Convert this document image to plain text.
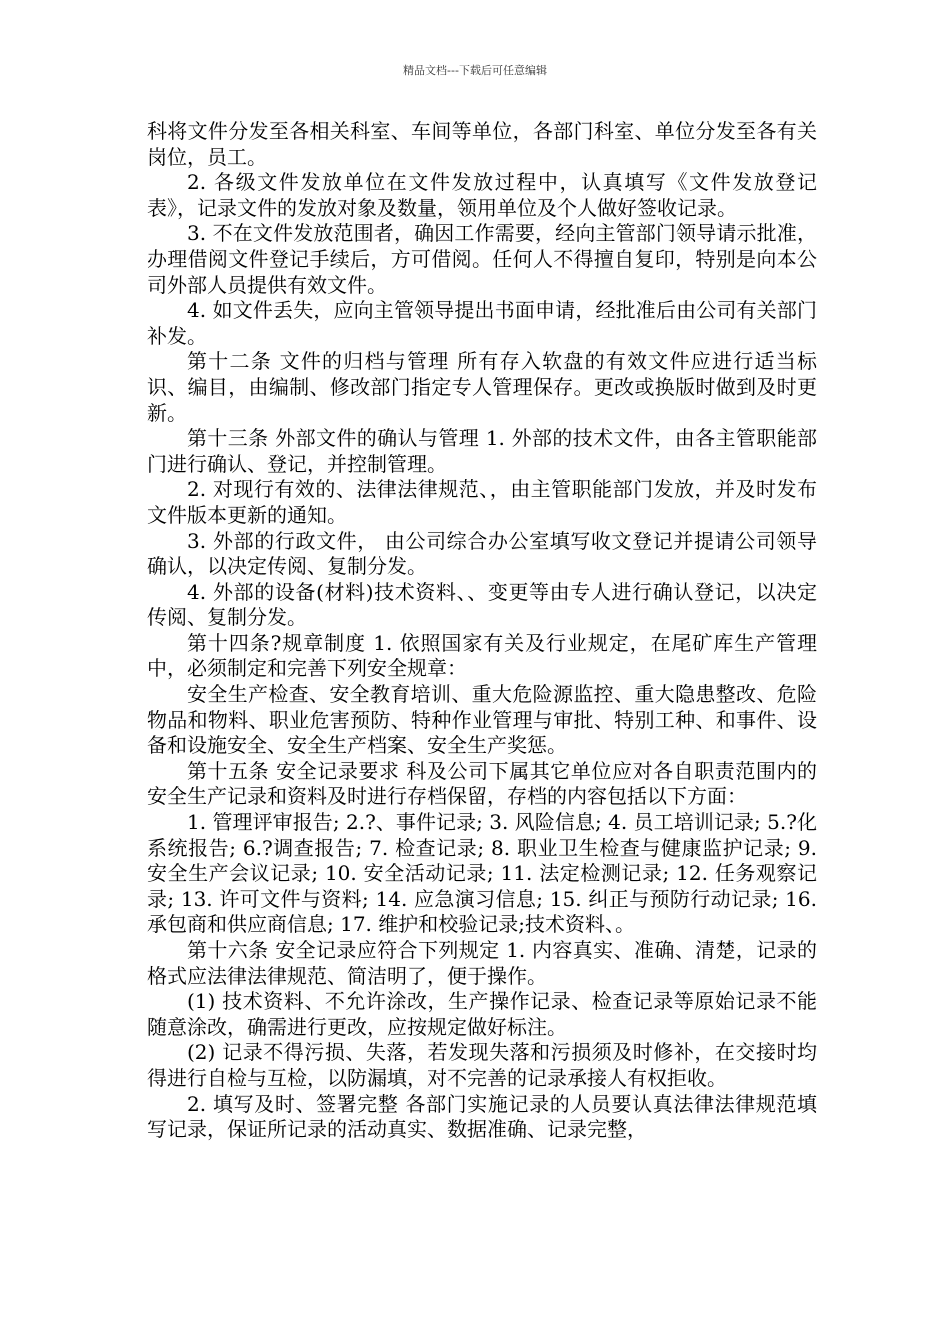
精品文档---下载后可任意编辑

科将文件分发至各相关科室、车间等单位，各部门科室、单位分发至各有关岗位，员工。

2. 各级文件发放单位在文件发放过程中，认真填写《文件发放登记表》，记录文件的发放对象及数量，领用单位及个人做好签收记录。

3. 不在文件发放范围者，确因工作需要，经向主管部门领导请示批准，办理借阅文件登记手续后，方可借阅。任何人不得擅自复印，特别是向本公司外部人员提供有效文件。

4. 如文件丢失，应向主管领导提出书面申请，经批准后由公司有关部门补发。

第十二条 文件的归档与管理 所有存入软盘的有效文件应进行适当标识、编目，由编制、修改部门指定专人管理保存。更改或换版时做到及时更新。

第十三条 外部文件的确认与管理 1. 外部的技术文件，由各主管职能部门进行确认、登记，并控制管理。

2. 对现行有效的、法律法律规范、，由主管职能部门发放，并及时发布文件版本更新的通知。

3. 外部的行政文件， 由公司综合办公室填写收文登记并提请公司领导确认，以决定传阅、复制分发。

4. 外部的设备(材料)技术资料、、变更等由专人进行确认登记，以决定传阅、复制分发。

第十四条?规章制度 1. 依照国家有关及行业规定，在尾矿库生产管理中，必须制定和完善下列安全规章：

安全生产检查、安全教育培训、重大危险源监控、重大隐患整改、危险物品和物料、职业危害预防、特种作业管理与审批、特别工种、和事件、设备和设施安全、安全生产档案、安全生产奖惩。

第十五条 安全记录要求 科及公司下属其它单位应对各自职责范围内的安全生产记录和资料及时进行存档保留，存档的内容包括以下方面：

1. 管理评审报告; 2.?、事件记录; 3. 风险信息; 4. 员工培训记录; 5.?化系统报告; 6.?调查报告; 7. 检查记录; 8. 职业卫生检查与健康监护记录; 9. 安全生产会议记录; 10. 安全活动记录; 11. 法定检测记录; 12. 任务观察记录; 13. 许可文件与资料; 14. 应急演习信息; 15. 纠正与预防行动记录; 16. 承包商和供应商信息; 17. 维护和校验记录;技术资料、。

第十六条 安全记录应符合下列规定 1. 内容真实、准确、清楚，记录的格式应法律法律规范、简洁明了，便于操作。

(1) 技术资料、不允许涂改，生产操作记录、检查记录等原始记录不能随意涂改，确需进行更改，应按规定做好标注。

(2) 记录不得污损、失落，若发现失落和污损须及时修补，在交接时均得进行自检与互检，以防漏填，对不完善的记录承接人有权拒收。

2. 填写及时、签署完整 各部门实施记录的人员要认真法律法律规范填写记录，保证所记录的活动真实、数据准确、记录完整，
